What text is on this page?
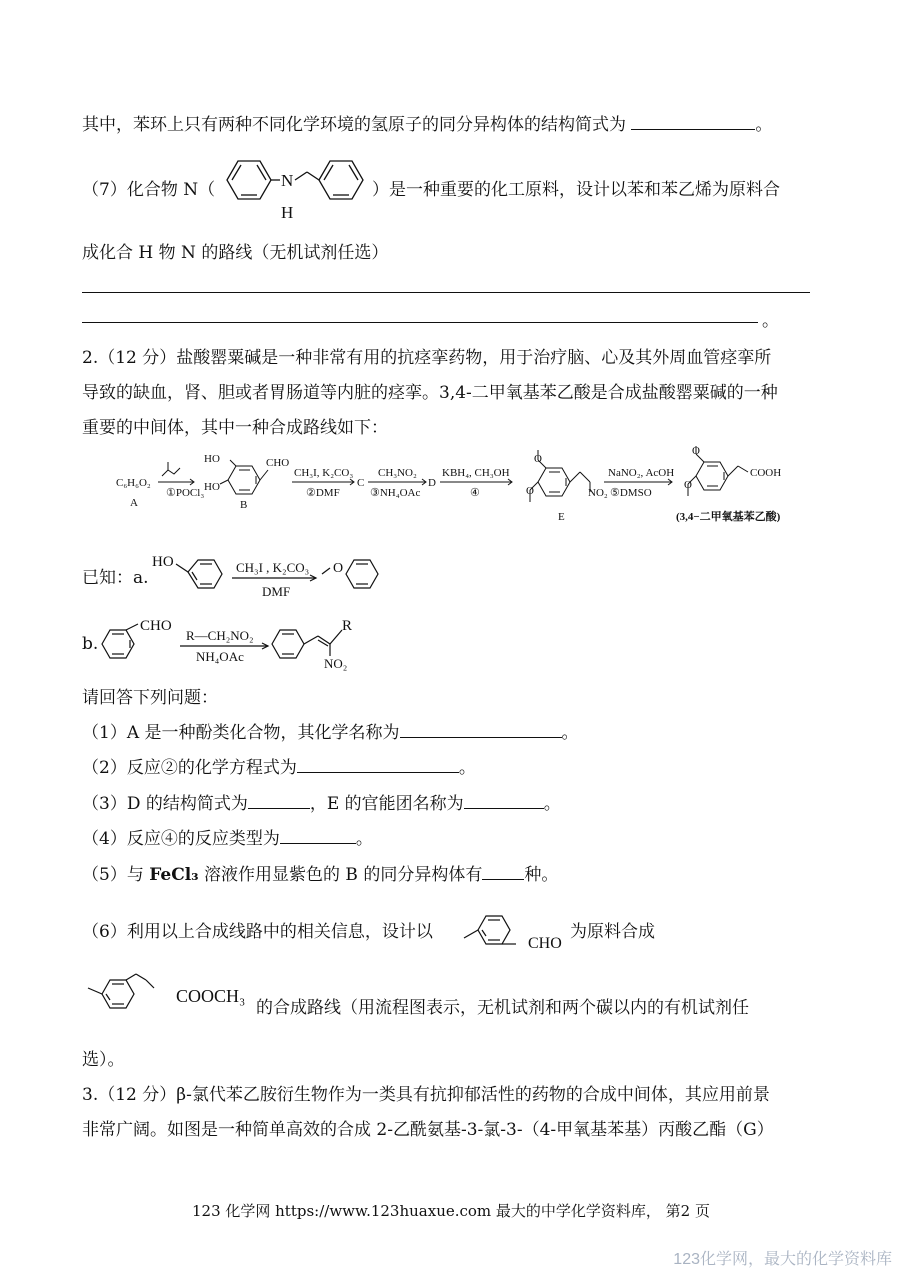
其中，苯环上只有两种不同化学环境的氢原子的同分异构体的结构简式为	。
（7）化合物 N（	N
H
）是一种重要的化工原料，设计以苯和苯乙烯为原料合
成化合 H 物 N 的路线（无机试剂任选）
。
2.（12 分）盐酸罂粟碱是一种非常有用的抗痉挛药物，用于治疗脑、心及其外周血管痉挛所
导致的缺血，肾、胆或者胃肠道等内脏的痉挛。3,4-二甲氧基苯乙酸是合成盐酸罂粟碱的一种
重要的中间体，其中一种合成路线如下：
C₆H₆O₂
A
①POCl₃
HO
HO
CHO
B
CH₃I, K₂CO₃
②DMF
C
CH₃NO₂
③NH₄OAc
D
KBH₄, CH₃OH
④
O
O	NO₂
E
NaNO₂, AcOH
⑤DMSO
O
O
COOH
(3,4−二甲氧基苯乙酸)
已知：a.
HO	O
CH₃I , K₂CO₃
DMF
b.
CHO
R—CH₂NO₂
NH₄OAc
R
NO₂
请回答下列问题：
（1）A 是一种酚类化合物，其化学名称为	。
（2）反应②的化学方程式为	。
（3）D 的结构简式为	，E 的官能团名称为	。
（4）反应④的反应类型为	。
（5）与 FeCl₃ 溶液作用显紫色的 B 的同分异构体有 种。
（6）利用以上合成线路中的相关信息，设计以
CHO
为原料合成
COOCH₃
的合成路线（用流程图表示，无机试剂和两个碳以内的有机试剂任
选）。
3.（12 分）β-氯代苯乙胺衍生物作为一类具有抗抑郁活性的药物的合成中间体，其应用前景
非常广阔。如图是一种简单高效的合成 2-乙酰氨基-3-氯-3-（4-甲氧基苯基）丙酸乙酯（G）
123 化学网 https://www.123huaxue.com 最大的中学化学资料库， 第2 页
123化学网，最大的化学资料库
